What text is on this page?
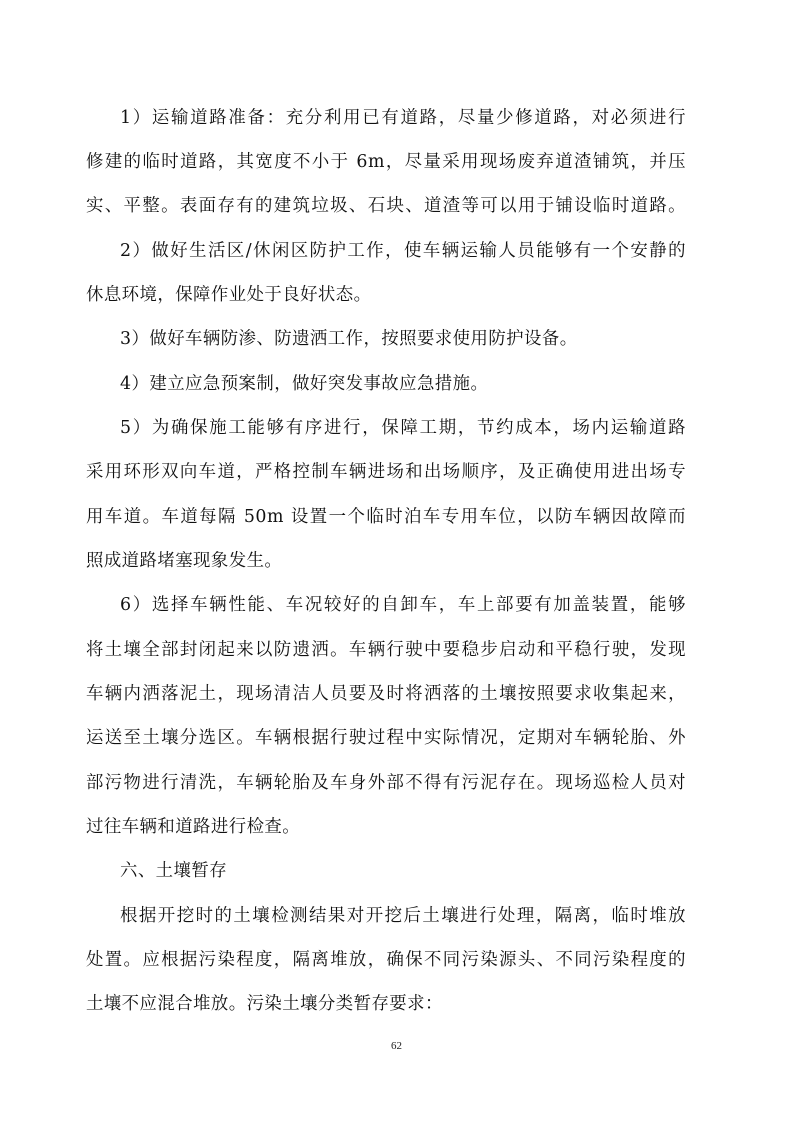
1）运输道路准备：充分利用已有道路，尽量少修道路，对必须进行
修建的临时道路，其宽度不小于 6m，尽量采用现场废弃道渣铺筑，并压
实、平整。表面存有的建筑垃圾、石块、道渣等可以用于铺设临时道路。
2）做好生活区/休闲区防护工作，使车辆运输人员能够有一个安静的
休息环境，保障作业处于良好状态。
3）做好车辆防渗、防遗洒工作，按照要求使用防护设备。
4）建立应急预案制，做好突发事故应急措施。
5）为确保施工能够有序进行，保障工期，节约成本，场内运输道路
采用环形双向车道，严格控制车辆进场和出场顺序，及正确使用进出场专
用车道。车道每隔 50m 设置一个临时泊车专用车位，以防车辆因故障而
照成道路堵塞现象发生。
6）选择车辆性能、车况较好的自卸车，车上部要有加盖装置，能够
将土壤全部封闭起来以防遗洒。车辆行驶中要稳步启动和平稳行驶，发现
车辆内洒落泥土，现场清洁人员要及时将洒落的土壤按照要求收集起来，
运送至土壤分选区。车辆根据行驶过程中实际情况，定期对车辆轮胎、外
部污物进行清洗，车辆轮胎及车身外部不得有污泥存在。现场巡检人员对
过往车辆和道路进行检查。
六、土壤暂存
根据开挖时的土壤检测结果对开挖后土壤进行处理，隔离，临时堆放
处置。应根据污染程度，隔离堆放，确保不同污染源头、不同污染程度的
土壤不应混合堆放。污染土壤分类暂存要求：
62
